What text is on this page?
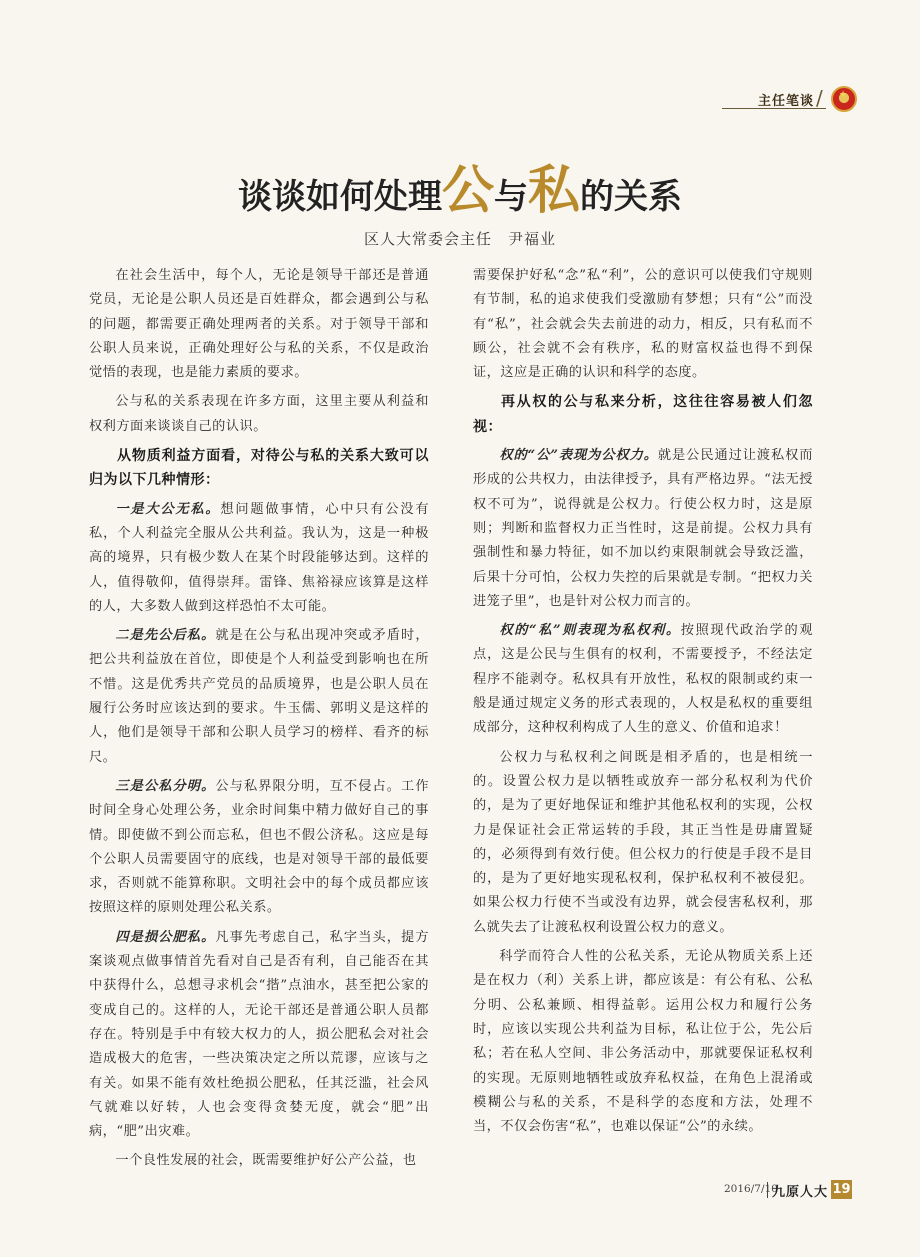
主任笔谈 /
★
谈谈如何处理公与私的关系
区人大常委会主任　尹福业

在社会生活中，每个人，无论是领导干部还是普通党员，无论是公职人员还是百姓群众，都会遇到公与私的问题，都需要正确处理两者的关系。对于领导干部和公职人员来说，正确处理好公与私的关系，不仅是政治觉悟的表现，也是能力素质的要求。

公与私的关系表现在许多方面，这里主要从利益和权利方面来谈谈自己的认识。

从物质利益方面看，对待公与私的关系大致可以归为以下几种情形：

一是大公无私。想问题做事情，心中只有公没有私，个人利益完全服从公共利益。我认为，这是一种极高的境界，只有极少数人在某个时段能够达到。这样的人，值得敬仰，值得崇拜。雷锋、焦裕禄应该算是这样的人，大多数人做到这样恐怕不太可能。

二是先公后私。就是在公与私出现冲突或矛盾时，把公共利益放在首位，即使是个人利益受到影响也在所不惜。这是优秀共产党员的品质境界，也是公职人员在履行公务时应该达到的要求。牛玉儒、郭明义是这样的人，他们是领导干部和公职人员学习的榜样、看齐的标尺。

三是公私分明。公与私界限分明，互不侵占。工作时间全身心处理公务，业余时间集中精力做好自己的事情。即使做不到公而忘私，但也不假公济私。这应是每个公职人员需要固守的底线，也是对领导干部的最低要求，否则就不能算称职。文明社会中的每个成员都应该按照这样的原则处理公私关系。

四是损公肥私。凡事先考虑自己，私字当头，提方案谈观点做事情首先看对自己是否有利，自己能否在其中获得什么，总想寻求机会“揩”点油水，甚至把公家的变成自己的。这样的人，无论干部还是普通公职人员都存在。特别是手中有较大权力的人，损公肥私会对社会造成极大的危害，一些决策决定之所以荒谬，应该与之有关。如果不能有效杜绝损公肥私，任其泛滥，社会风气就难以好转，人也会变得贪婪无度，就会“肥”出病，“肥”出灾难。

一个良性发展的社会，既需要维护好公产公益，也

需要保护好私“念”私“利”，公的意识可以使我们守规则有节制，私的追求使我们受激励有梦想；只有“公”而没有“私”，社会就会失去前进的动力，相反，只有私而不顾公，社会就不会有秩序，私的财富权益也得不到保证，这应是正确的认识和科学的态度。

再从权的公与私来分析，这往往容易被人们忽视：

权的“公”表现为公权力。就是公民通过让渡私权而形成的公共权力，由法律授予，具有严格边界。“法无授权不可为”，说得就是公权力。行使公权力时，这是原则；判断和监督权力正当性时，这是前提。公权力具有强制性和暴力特征，如不加以约束限制就会导致泛滥，后果十分可怕，公权力失控的后果就是专制。“把权力关进笼子里”，也是针对公权力而言的。

权的“私”则表现为私权利。按照现代政治学的观点，这是公民与生俱有的权利，不需要授予，不经法定程序不能剥夺。私权具有开放性，私权的限制或约束一般是通过规定义务的形式表现的，人权是私权的重要组成部分，这种权利构成了人生的意义、价值和追求！

公权力与私权利之间既是相矛盾的，也是相统一的。设置公权力是以牺牲或放弃一部分私权利为代价的，是为了更好地保证和维护其他私权利的实现，公权力是保证社会正常运转的手段，其正当性是毋庸置疑的，必须得到有效行使。但公权力的行使是手段不是目的，是为了更好地实现私权利，保护私权利不被侵犯。如果公权力行使不当或没有边界，就会侵害私权利，那么就失去了让渡私权利设置公权力的意义。

科学而符合人性的公私关系，无论从物质关系上还是在权力（利）关系上讲，都应该是：有公有私、公私分明、公私兼顾、相得益彰。运用公权力和履行公务时，应该以实现公共利益为目标，私让位于公，先公后私；若在私人空间、非公务活动中，那就要保证私权利的实现。无原则地牺牲或放弃私权益，在角色上混淆或模糊公与私的关系，不是科学的态度和方法，处理不当，不仅会伤害“私”，也难以保证“公”的永续。

2016/7/10
九原人大 19
